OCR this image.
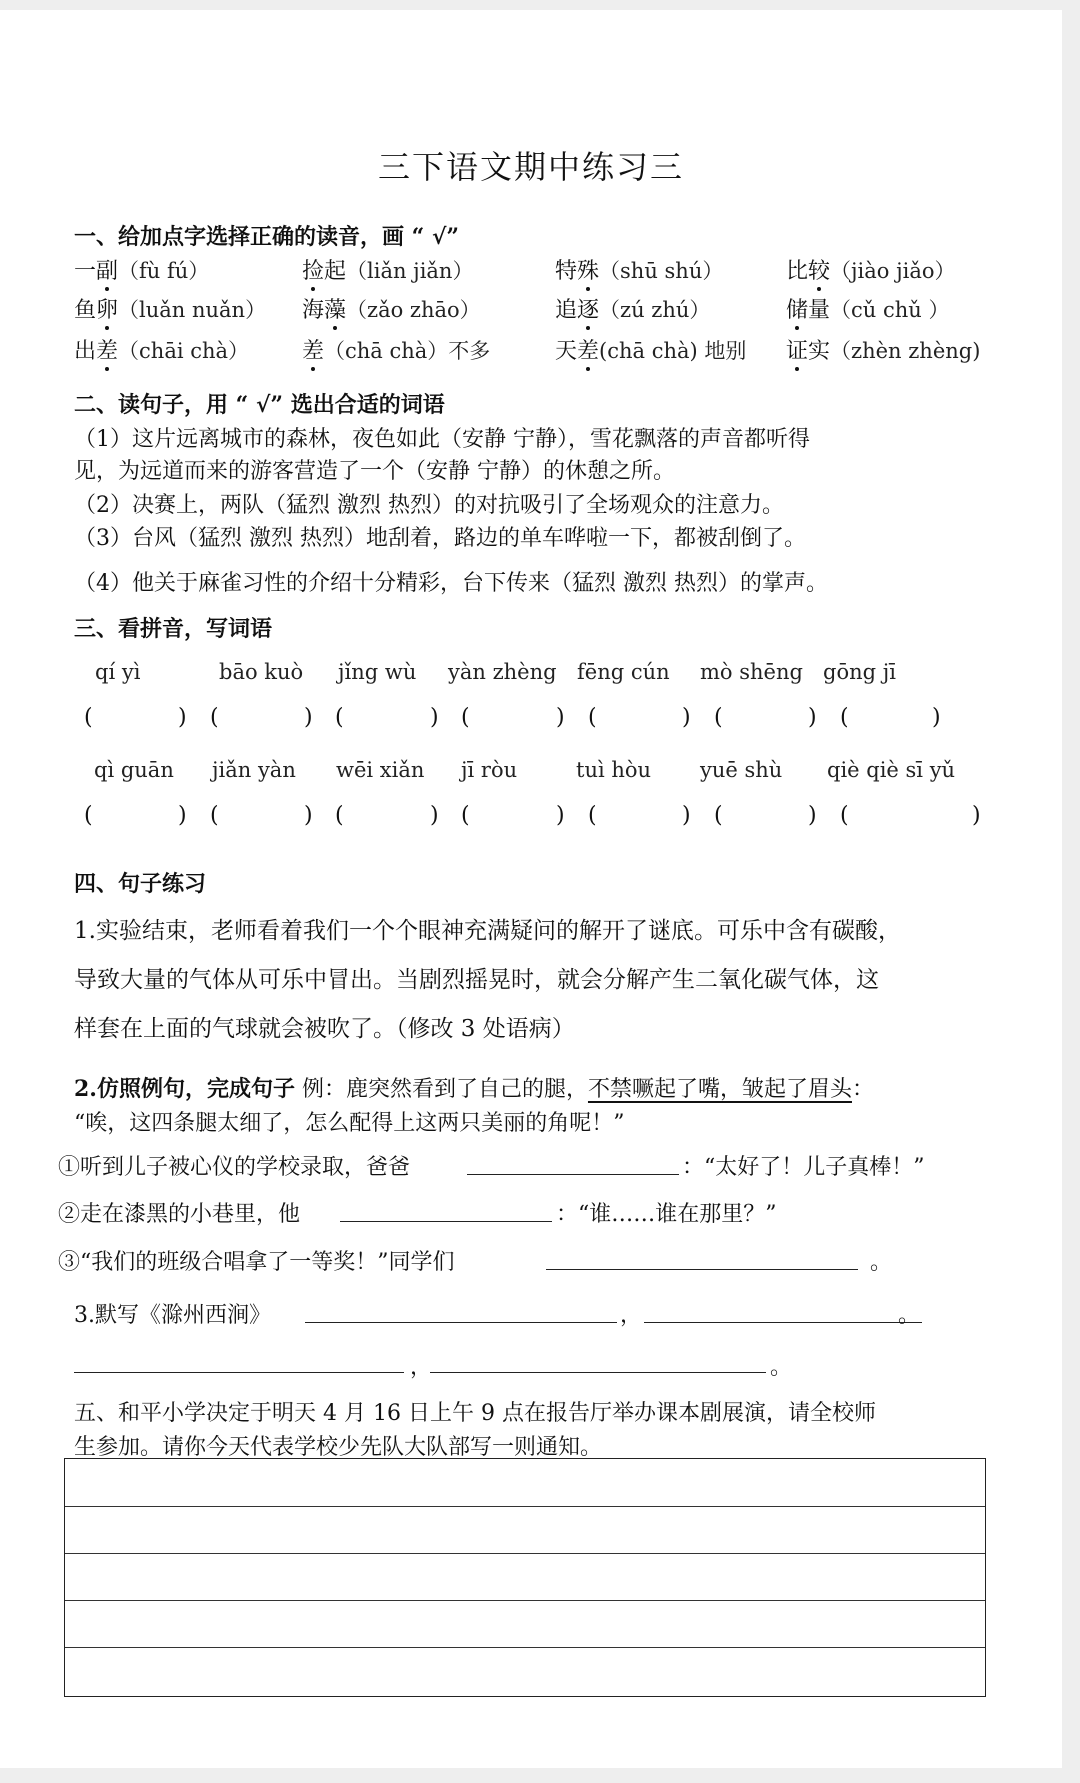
三下语文期中练习三
一、给加点字选择正确的读音，画 “ √”
一副（fù fú）	捡起（liǎn jiǎn）	特殊（shū shú）	比较（jiào jiǎo）
鱼卵（luǎn nuǎn） 海藻（zǎo zhāo）	追逐（zú zhú）	储量（cǔ chǔ ）
出差（chāi chà） 差（chā chà）不多	天差(chā chà) 地别 证实（zhèn zhèng)
二、读句子，用 “ √” 选出合适的词语
（1）这片远离城市的森林，夜色如此（安静 宁静），雪花飘落的声音都听得
见，为远道而来的游客营造了一个（安静 宁静）的休憩之所。
（2）决赛上，两队（猛烈 激烈 热烈）的对抗吸引了全场观众的注意力。
（3）台风（猛烈 激烈 热烈）地刮着，路边的单车哗啦一下，都被刮倒了。
（4）他关于麻雀习性的介绍十分精彩，台下传来（猛烈 激烈 热烈）的掌声。
三、看拼音，写词语
qí yì
(	)
bāo kuò
(	)
jǐng wù
(	)
yàn zhèng
(	)
fēng cún
(	)
mò shēng
(	)
gōng jī
(	)
qì guān
(	)
jiǎn yàn
(	)
wēi xiǎn
(	)
jī ròu
(	)
tuì hòu
(	)
yuē shù
(	)
qiè qiè sī yǔ
(	)
四、句子练习
1.实验结束，老师看着我们一个个眼神充满疑问的解开了谜底。可乐中含有碳酸，
导致大量的气体从可乐中冒出。当剧烈摇晃时，就会分解产生二氧化碳气体，这
样套在上面的气球就会被吹了。（修改 3 处语病）
2.仿照例句，完成句子 例：鹿突然看到了自己的腿，不禁噘起了嘴，皱起了眉头：
“唉，这四条腿太细了，怎么配得上这两只美丽的角呢！”
①听到儿子被心仪的学校录取，爸爸	：“太好了！儿子真棒！”
②走在漆黑的小巷里，他	：“谁……谁在那里？”
③“我们的班级合唱拿了一等奖！”同学们	。
3.默写《滁州西涧》	，	。
，	。
五、和平小学决定于明天 4 月 16 日上午 9 点在报告厅举办课本剧展演，请全校师
生参加。请你今天代表学校少先队大队部写一则通知。
